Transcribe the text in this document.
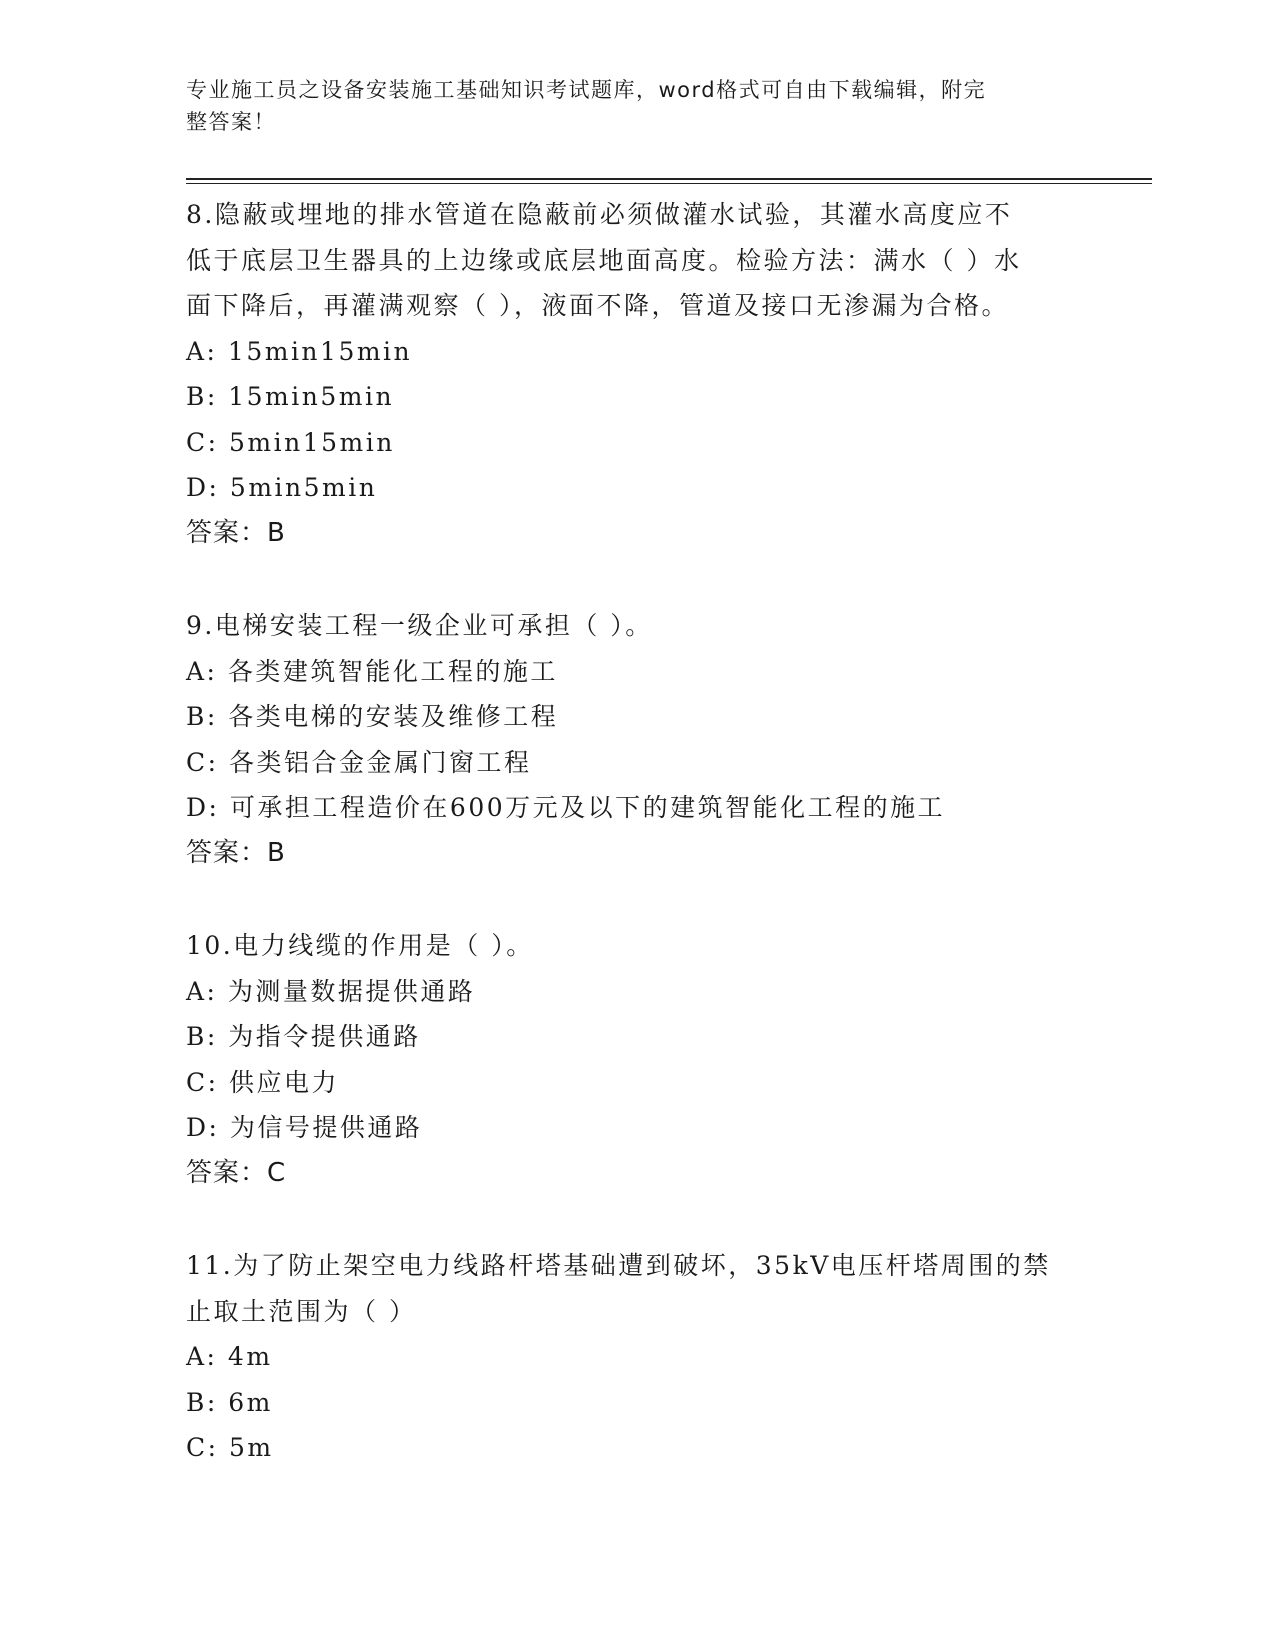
专业施工员之设备安装施工基础知识考试题库，word格式可自由下载编辑，附完
整答案！
8.隐蔽或埋地的排水管道在隐蔽前必须做灌水试验，其灌水高度应不
低于底层卫生器具的上边缘或底层地面高度。检验方法：满水（ ）水
面下降后，再灌满观察（ ），液面不降，管道及接口无渗漏为合格。
A: 15min15min
B: 15min5min
C: 5min15min
D: 5min5min
答案：B
9.电梯安装工程一级企业可承担（ ）。
A: 各类建筑智能化工程的施工
B: 各类电梯的安装及维修工程
C: 各类铝合金金属门窗工程
D: 可承担工程造价在600万元及以下的建筑智能化工程的施工
答案：B
10.电力线缆的作用是（ ）。
A: 为测量数据提供通路
B: 为指令提供通路
C: 供应电力
D: 为信号提供通路
答案：C
11.为了防止架空电力线路杆塔基础遭到破坏，35kV电压杆塔周围的禁
止取土范围为（ ）
A: 4m
B: 6m
C: 5m
